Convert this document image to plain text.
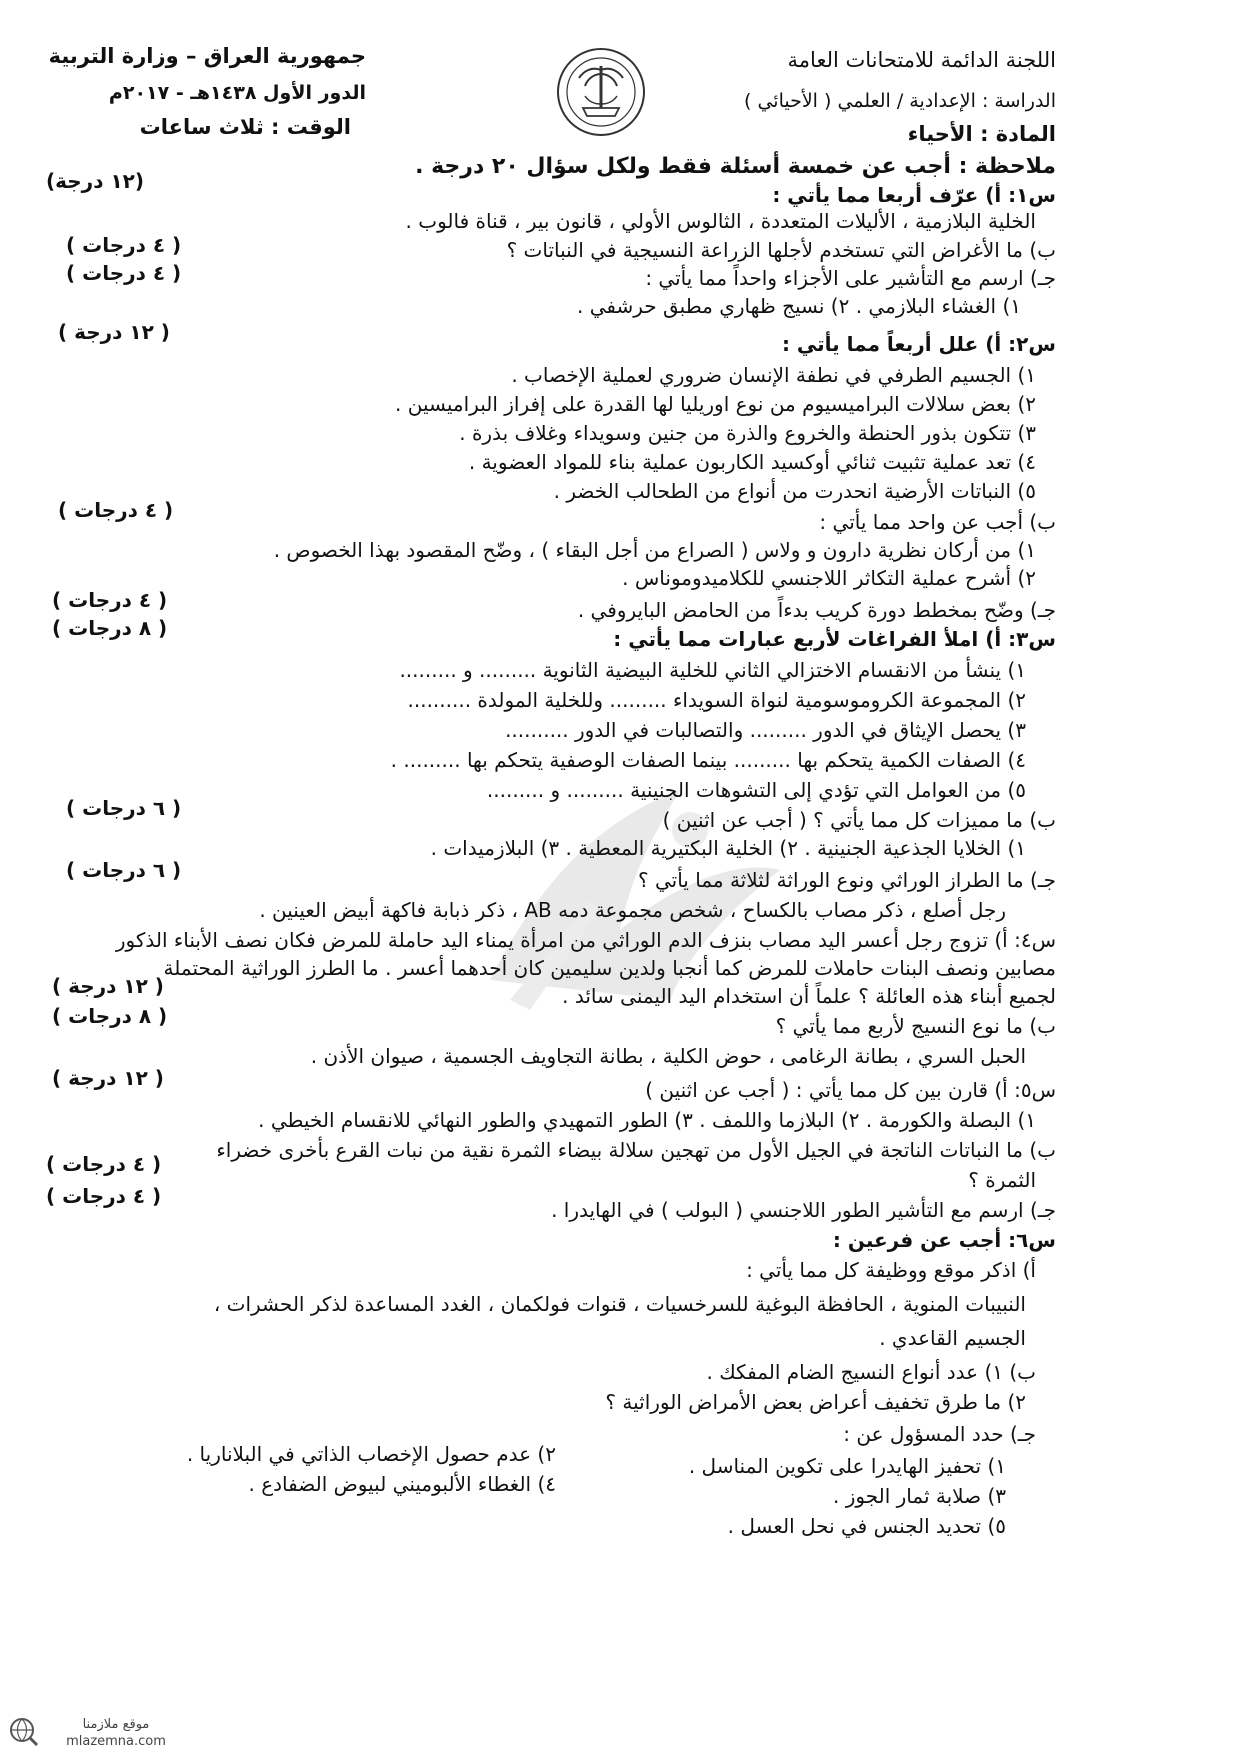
اللجنة الدائمة للامتحانات العامة
الدراسة : الإعدادية / العلمي ( الأحيائي )
المادة : الأحياء
جمهورية العراق – وزارة التربية
الدور الأول ١٤٣٨هـ - ٢٠١٧م
الوقت : ثلاث ساعات
ملاحظة : أجب عن خمسة أسئلة فقط ولكل سؤال ٢٠ درجة .
س١: أ) عرّف أربعا مما يأتي :
(١٢ درجة)
الخلية البلازمية ، الأليلات المتعددة ، الثالوس الأولي ، قانون بير ، قناة فالوب .
ب) ما الأغراض التي تستخدم لأجلها الزراعة النسيجية في النباتات ؟
( ٤ درجات )
جـ) ارسم مع التأشير على الأجزاء واحداً مما يأتي :
( ٤ درجات )
١) الغشاء البلازمي . ٢) نسيج ظهاري مطبق حرشفي .
س٢: أ) علل أربعاً مما يأتي :
( ١٢ درجة )
١) الجسيم الطرفي في نطفة الإنسان ضروري لعملية الإخصاب .
٢) بعض سلالات البراميسيوم من نوع اوريليا لها القدرة على إفراز البراميسين .
٣) تتكون بذور الحنطة والخروع والذرة من جنين وسويداء وغلاف بذرة .
٤) تعد عملية تثبيت ثنائي أوكسيد الكاربون عملية بناء للمواد العضوية .
٥) النباتات الأرضية انحدرت من أنواع من الطحالب الخضر .
ب) أجب عن واحد مما يأتي :
( ٤ درجات )
١) من أركان نظرية دارون و ولاس ( الصراع من أجل البقاء ) ، وضّح المقصود بهذا الخصوص .
٢) أشرح عملية التكاثر اللاجنسي للكلاميدوموناس .
جـ) وضّح بمخطط دورة كريب بدءاً من الحامض البايروفي .
( ٤ درجات )
س٣: أ) املأ الفراغات لأربع عبارات مما يأتي :
( ٨ درجات )
١) ينشأ من الانقسام الاختزالي الثاني للخلية البيضية الثانوية ......... و .........
٢) المجموعة الكروموسومية لنواة السويداء ......... وللخلية المولدة ..........
٣) يحصل الإيثاق في الدور ......... والتصالبات في الدور ..........
٤) الصفات الكمية يتحكم بها ......... بينما الصفات الوصفية يتحكم بها ......... .
٥) من العوامل التي تؤدي إلى التشوهات الجنينية ......... و .........
ب) ما مميزات كل مما يأتي ؟ ( أجب عن اثنين )
( ٦ درجات )
١) الخلايا الجذعية الجنينية . ٢) الخلية البكتيرية المعطية . ٣) البلازميدات .
جـ) ما الطراز الوراثي ونوع الوراثة لثلاثة مما يأتي ؟
( ٦ درجات )
رجل أصلع ، ذكر مصاب بالكساح ، شخص مجموعة دمه AB ، ذكر ذبابة فاكهة أبيض العينين .
س٤: أ) تزوج رجل أعسر اليد مصاب بنزف الدم الوراثي من امرأة يمناء اليد حاملة للمرض فكان نصف الأبناء الذكور
مصابين ونصف البنات حاملات للمرض كما أنجبا ولدين سليمين كان أحدهما أعسر . ما الطرز الوراثية المحتملة
لجميع أبناء هذه العائلة ؟ علماً أن استخدام اليد اليمنى سائد .
( ١٢ درجة )
ب) ما نوع النسيج لأربع مما يأتي ؟
( ٨ درجات )
الحبل السري ، بطانة الرغامى ، حوض الكلية ، بطانة التجاويف الجسمية ، صيوان الأذن .
س٥: أ) قارن بين كل مما يأتي : ( أجب عن اثنين )
( ١٢ درجة )
١) البصلة والكورمة . ٢) البلازما واللمف . ٣) الطور التمهيدي والطور النهائي للانقسام الخيطي .
ب) ما النباتات الناتجة في الجيل الأول من تهجين سلالة بيضاء الثمرة نقية من نبات القرع بأخرى خضراء
الثمرة ؟
( ٤ درجات )
جـ) ارسم مع التأشير الطور اللاجنسي ( البولب ) في الهايدرا .
( ٤ درجات )
س٦: أجب عن فرعين :
أ) اذكر موقع ووظيفة كل مما يأتي :
النبيبات المنوية ، الحافظة البوغية للسرخسيات ، قنوات فولكمان ، الغدد المساعدة لذكر الحشرات ،
الجسيم القاعدي .
ب) ١) عدد أنواع النسيج الضام المفكك .
٢) ما طرق تخفيف أعراض بعض الأمراض الوراثية ؟
جـ) حدد المسؤول عن :
١) تحفيز الهايدرا على تكوين المناسل .
٢) عدم حصول الإخصاب الذاتي في البلاناريا .
٣) صلابة ثمار الجوز .
٤) الغطاء الألبوميني لبيوض الضفادع .
٥) تحديد الجنس في نحل العسل .
موقع ملازمنا
mlazemna.com
